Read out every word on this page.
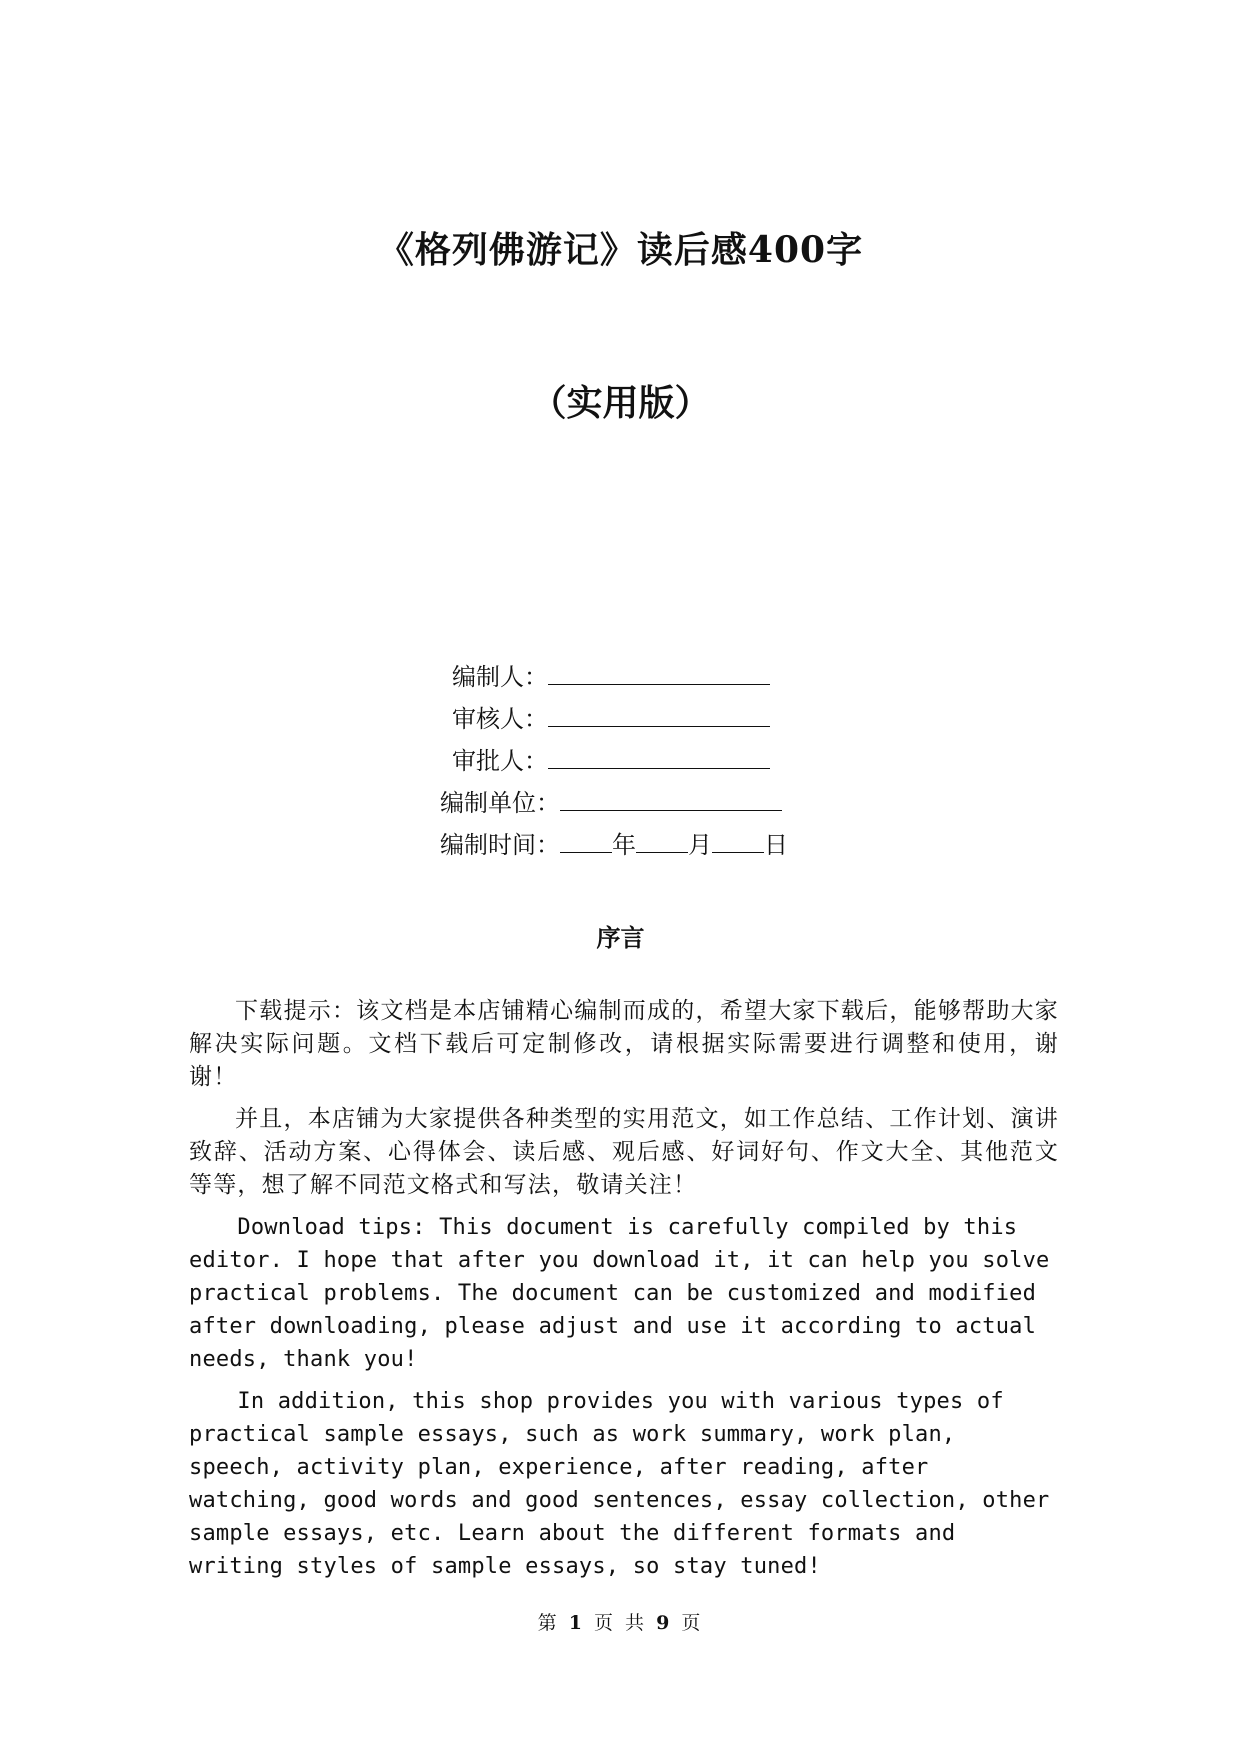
《格列佛游记》读后感400字
（实用版）
编制人：
审核人：
审批人：
编制单位：
编制时间： 年 月 日
序言

下载提示：该文档是本店铺精心编制而成的，希望大家下载后，能够帮助大家解决实际问题。文档下载后可定制修改，请根据实际需要进行调整和使用，谢谢！

并且，本店铺为大家提供各种类型的实用范文，如工作总结、工作计划、演讲致辞、活动方案、心得体会、读后感、观后感、好词好句、作文大全、其他范文等等，想了解不同范文格式和写法，敬请关注！

Download tips: This document is carefully compiled by this editor. I hope that after you download it, it can help you solve practical problems. The document can be customized and modified after downloading, please adjust and use it according to actual needs, thank you!

In addition, this shop provides you with various types of practical sample essays, such as work summary, work plan, speech, activity plan, experience, after reading, after watching, good words and good sentences, essay collection, other sample essays, etc. Learn about the different formats and writing styles of sample essays, so stay tuned!

第 1 页 共 9 页
